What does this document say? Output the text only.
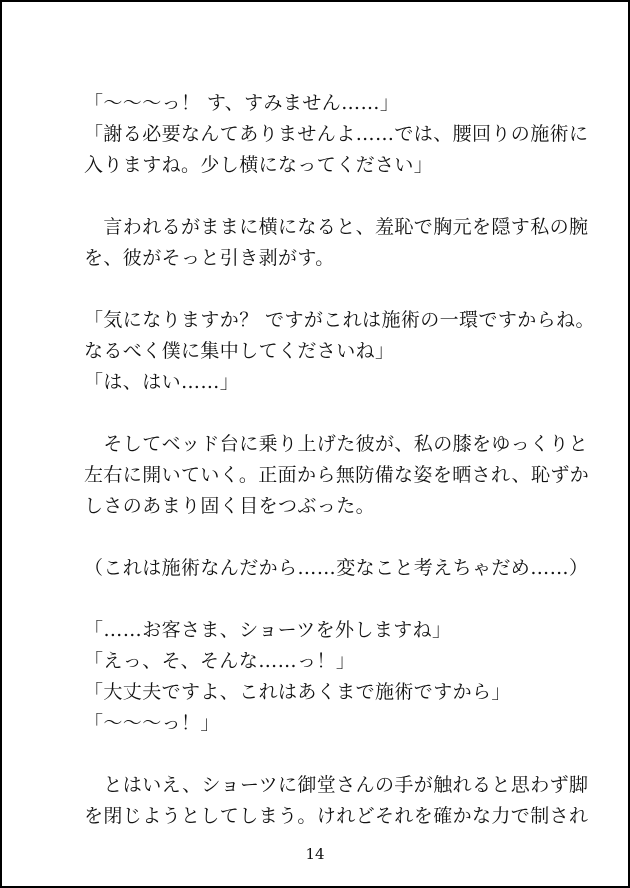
「〜〜〜っ！ す、すみません……」
「謝る必要なんてありませんよ……では、腰回りの施術に
入りますね。少し横になってください」
　言われるがままに横になると、羞恥で胸元を隠す私の腕
を、彼がそっと引き剥がす。
「気になりますか？ ですがこれは施術の一環ですからね。
なるべく僕に集中してくださいね」
「は、はい……」
　そしてベッド台に乗り上げた彼が、私の膝をゆっくりと
左右に開いていく。正面から無防備な姿を晒され、恥ずか
しさのあまり固く目をつぶった。
（これは施術なんだから……変なこと考えちゃだめ……）
「……お客さま、ショーツを外しますね」
「えっ、そ、そんな……っ！」
「大丈夫ですよ、これはあくまで施術ですから」
「〜〜〜っ！」
　とはいえ、ショーツに御堂さんの手が触れると思わず脚
を閉じようとしてしまう。けれどそれを確かな力で制され
14
